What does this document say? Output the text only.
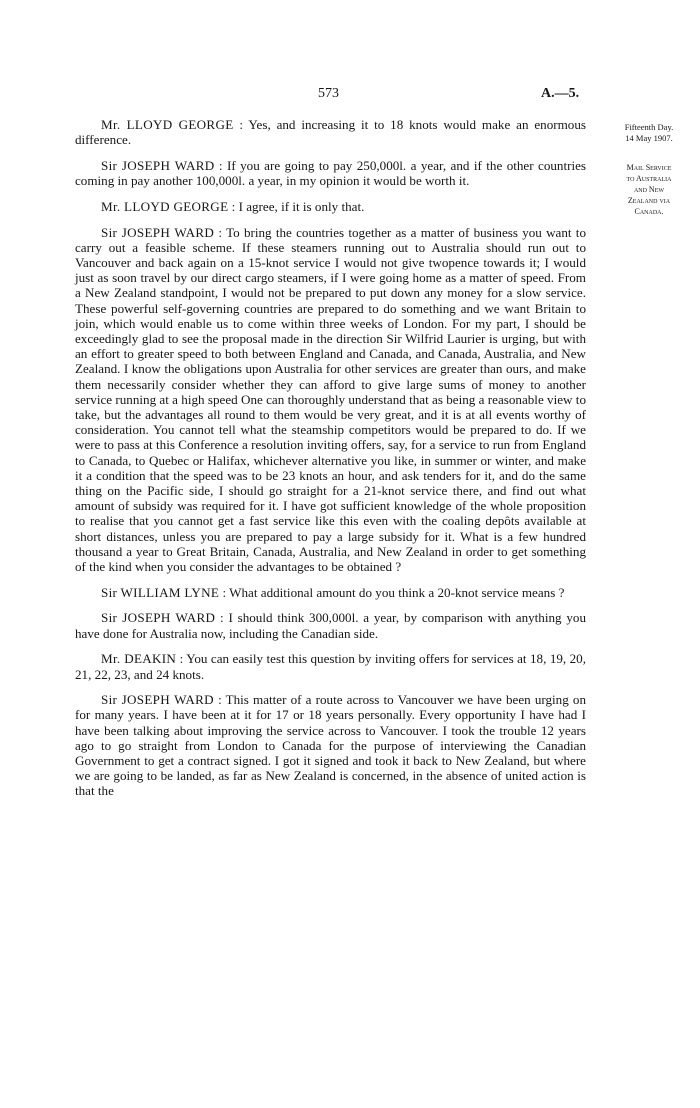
573	A.—5.
Fifteenth Day.
14 May 1907.
Mail Service
to Australia
and New
Zealand via
Canada.

Mr. LLOYD GEORGE : Yes, and increasing it to 18 knots would make an enormous difference.

Sir JOSEPH WARD : If you are going to pay 250,000l. a year, and if the other countries coming in pay another 100,000l. a year, in my opinion it would be worth it.

Mr. LLOYD GEORGE : I agree, if it is only that.

Sir JOSEPH WARD : To bring the countries together as a matter of business you want to carry out a feasible scheme. If these steamers running out to Australia should run out to Vancouver and back again on a 15-knot service I would not give twopence towards it; I would just as soon travel by our direct cargo steamers, if I were going home as a matter of speed. From a New Zealand standpoint, I would not be prepared to put down any money for a slow service. These powerful self-governing countries are prepared to do something and we want Britain to join, which would enable us to come within three weeks of London. For my part, I should be exceedingly glad to see the proposal made in the direction Sir Wilfrid Laurier is urging, but with an effort to greater speed to both between England and Canada, and Canada, Australia, and New Zealand. I know the obligations upon Australia for other services are greater than ours, and make them necessarily consider whether they can afford to give large sums of money to another service running at a high speed One can thoroughly understand that as being a reasonable view to take, but the advantages all round to them would be very great, and it is at all events worthy of consideration. You cannot tell what the steamship competitors would be prepared to do. If we were to pass at this Conference a resolution inviting offers, say, for a service to run from England to Canada, to Quebec or Halifax, whichever alternative you like, in summer or winter, and make it a condition that the speed was to be 23 knots an hour, and ask tenders for it, and do the same thing on the Pacific side, I should go straight for a 21-knot service there, and find out what amount of subsidy was required for it. I have got sufficient knowledge of the whole proposition to realise that you cannot get a fast service like this even with the coaling depôts available at short distances, unless you are prepared to pay a large subsidy for it. What is a few hundred thousand a year to Great Britain, Canada, Australia, and New Zealand in order to get something of the kind when you consider the advantages to be obtained ?

Sir WILLIAM LYNE : What additional amount do you think a 20-knot service means ?

Sir JOSEPH WARD : I should think 300,000l. a year, by comparison with anything you have done for Australia now, including the Canadian side.

Mr. DEAKIN : You can easily test this question by inviting offers for services at 18, 19, 20, 21, 22, 23, and 24 knots.

Sir JOSEPH WARD : This matter of a route across to Vancouver we have been urging on for many years. I have been at it for 17 or 18 years personally. Every opportunity I have had I have been talking about improving the service across to Vancouver. I took the trouble 12 years ago to go straight from London to Canada for the purpose of interviewing the Canadian Government to get a contract signed. I got it signed and took it back to New Zealand, but where we are going to be landed, as far as New Zealand is concerned, in the absence of united action is that the
